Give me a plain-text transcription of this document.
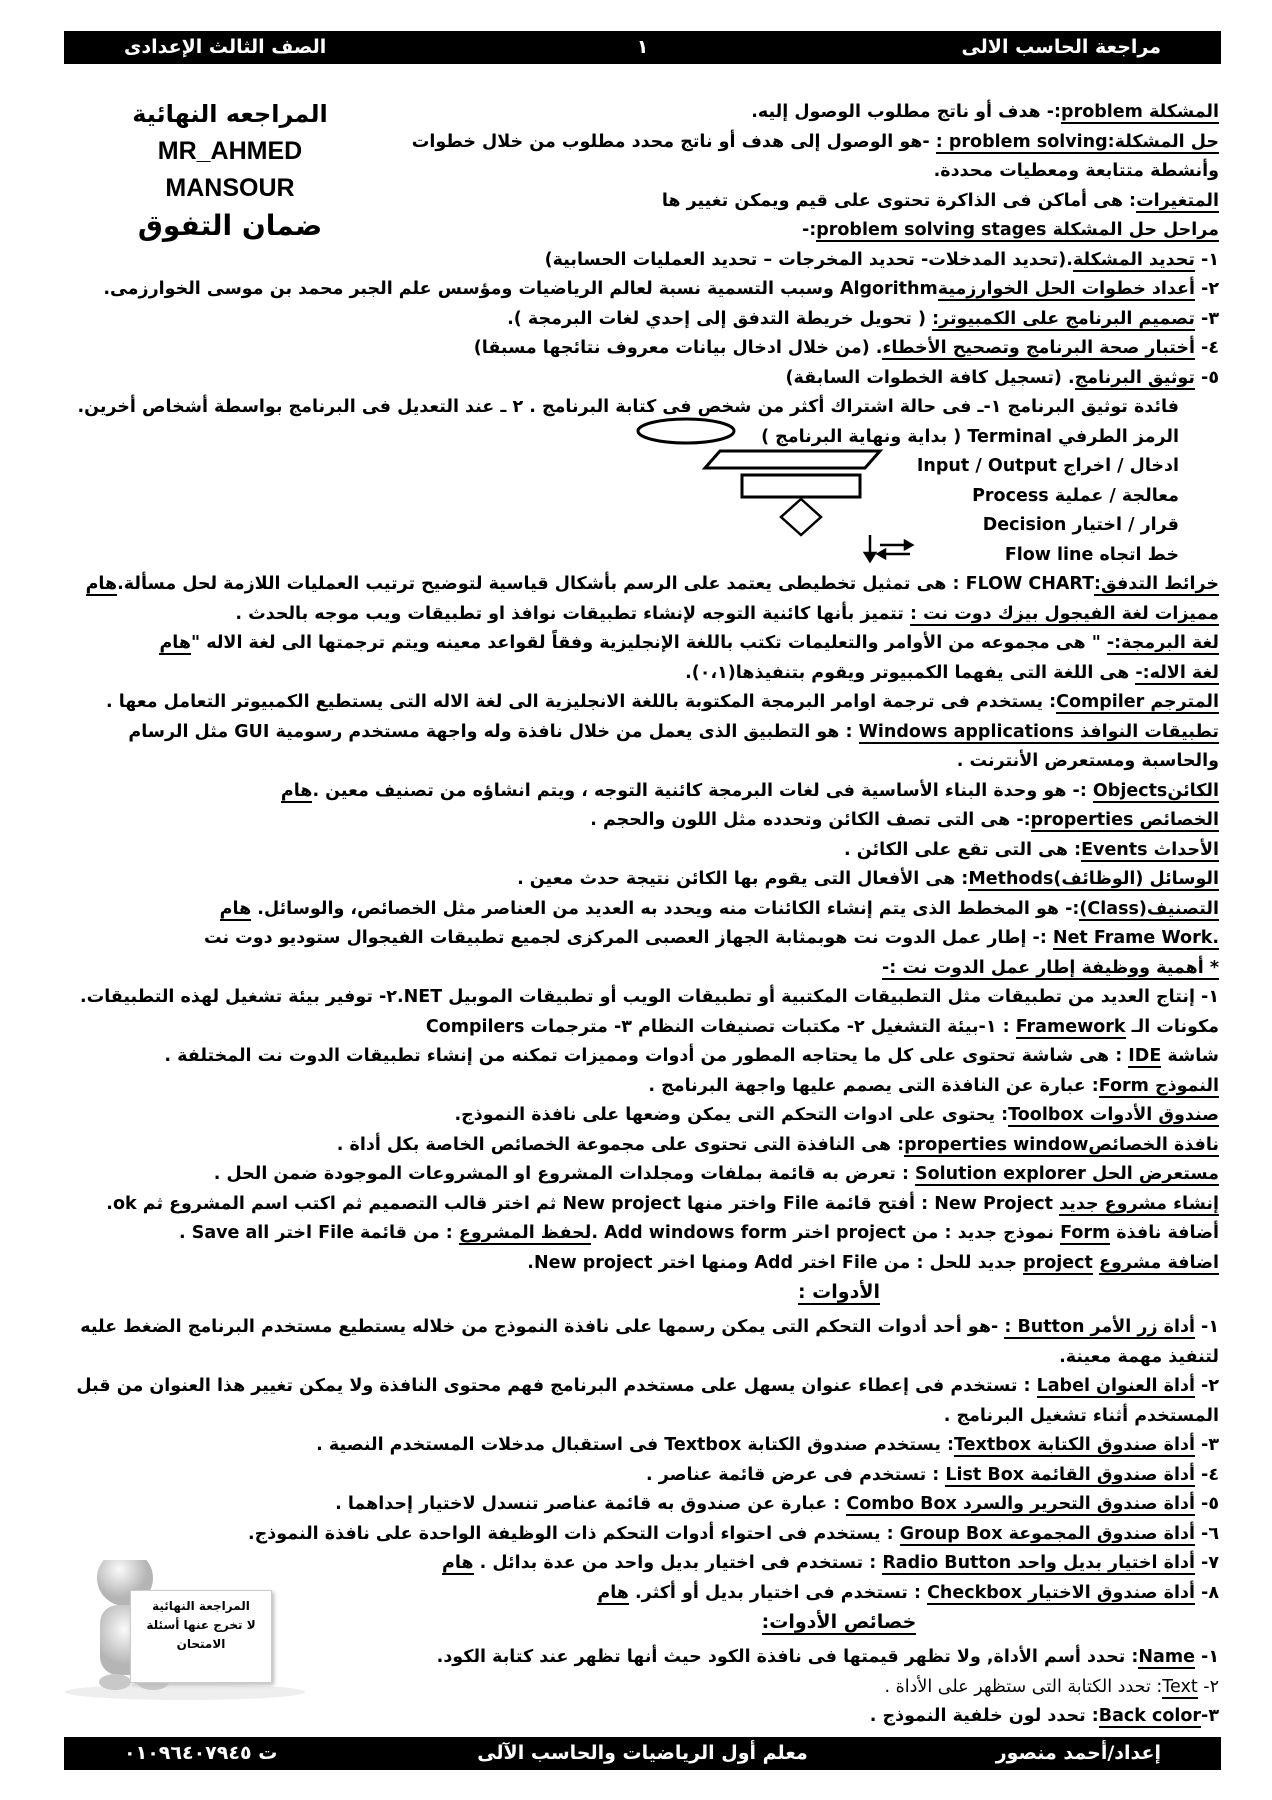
مراجعة الحاسب الالى
١
الصف الثالث الإعدادى
المراجعه النهائية
MR_AHMED
MANSOUR
ضمان التفوق
المشكلة problem:- هدف أو ناتج مطلوب الوصول إليه.
حل المشكلة:problem solving : -هو الوصول إلى هدف أو ناتج محدد مطلوب من خلال خطوات
وأنشطة متتابعة ومعطيات محددة.
المتغيرات: هى أماكن فى الذاكرة تحتوى على قيم ويمكن تغيير ها
مراحل حل المشكلة problem solving stages:-
١- تحديد المشكلة.(تحديد المدخلات- تحديد المخرجات – تحديد العمليات الحسابية)
٢- أعداد خطوات الحل الخوارزميةAlgorithm وسبب التسمية نسبة لعالم الرياضيات ومؤسس علم الجبر محمد بن موسى الخوارزمى.
٣- تصميم البرنامج على الكمبيوتر: ( تحويل خريطة التدفق إلى إحدي لغات البرمجة ).
٤- أختبار صحة البرنامج وتصحيح الأخطاء. (من خلال ادخال بيانات معروف نتائجها مسبقا)
٥- توثيق البرنامج. (تسجيل كافة الخطوات السابقة)
فائدة توثيق البرنامج ١-ـ فى حالة اشتراك أكثر من شخص فى كتابة البرنامج . ٢ ـ عند التعديل فى البرنامج بواسطة أشخاص أخرين.
الرمز الطرفي Terminal ( بداية ونهاية البرنامج )
ادخال / اخراج Input / Output
معالجة / عملية Process
قرار / اختيار Decision
خط اتجاه Flow line
خرائط التدفق:FLOW CHART : هى تمثيل تخطيطى يعتمد على الرسم بأشكال قياسية لتوضيح ترتيب العمليات اللازمة لحل مسألة.هام
مميزات لغة الفيجول بيزك دوت نت : تتميز بأنها كائنية التوجه لإنشاء تطبيقات نوافذ او تطبيقات ويب موجه بالحدث .
لغة البرمجة:- " هى مجموعه من الأوامر والتعليمات تكتب باللغة الإنجليزية وفقاً لقواعد معينه ويتم ترجمتها الى لغة الاله "هام
لغة الاله:- هى اللغة التى يفهما الكمبيوتر ويقوم بتنفيذها(٠،١).
المترجم Compiler: يستخدم فى ترجمة اوامر البرمجة المكتوبة باللغة الانجليزية الى لغة الاله التى يستطيع الكمبيوتر التعامل معها .
تطبيقات النوافذ Windows applications : هو التطبيق الذى يعمل من خلال نافذة وله واجهة مستخدم رسومية GUI مثل الرسام
والحاسبة ومستعرض الأنترنت .
الكائنObjects :- هو وحدة البناء الأساسية فى لغات البرمجة كائنية التوجه ، ويتم انشاؤه من تصنيف معين .هام
الخصائص properties:- هى التى تصف الكائن وتحدده مثل اللون والحجم .
الأحداث Events: هى التى تقع على الكائن .
الوسائل (الوظائف)Methods: هى الأفعال التى يقوم بها الكائن نتيجة حدث معين .
التصنيف(Class):- هو المخطط الذى يتم إنشاء الكائنات منه ويحدد به العديد من العناصر مثل الخصائص، والوسائل. هام
.Net Frame Work :- إطار عمل الدوت نت هوبمثابة الجهاز العصبى المركزى لجميع تطبيقات الفيجوال ستوديو دوت نت
* أهمية ووظيفة إطار عمل الدوت نت :-
١- إنتاج العديد من تطبيقات مثل التطبيقات المكتبية أو تطبيقات الويب أو تطبيقات الموبيل NET.٢- توفير بيئة تشغيل لهذه التطبيقات.
مكونات الـ Framework : ١-بيئة التشغيل ٢- مكتبات تصنيفات النظام ٣- مترجمات Compilers
شاشة IDE : هى شاشة تحتوى على كل ما يحتاجه المطور من أدوات ومميزات تمكنه من إنشاء تطبيقات الدوت نت المختلفة .
النموذج Form: عبارة عن النافذة التى يصمم عليها واجهة البرنامج .
صندوق الأدوات Toolbox: يحتوى على ادوات التحكم التى يمكن وضعها على نافذة النموذج.
نافذة الخصائصproperties window: هى النافذة التى تحتوى على مجموعة الخصائص الخاصة بكل أداة .
مستعرض الحل Solution explorer : تعرض به قائمة بملفات ومجلدات المشروع او المشروعات الموجودة ضمن الحل .
إنشاء مشروع جديد New Project : أفتح قائمة File واختر منها New project ثم اختر قالب التصميم ثم اكتب اسم المشروع ثم ok.
أضافة نافذة Form نموذج جديد : من project اختر Add windows form .لحفظ المشروع : من قائمة File اختر Save all .
اضافة مشروع project جديد للحل : من File اختر Add ومنها اختر New project.
الأدوات :
١- أداة زر الأمر Button : -هو أحد أدوات التحكم التى يمكن رسمها على نافذة النموذج من خلاله يستطيع مستخدم البرنامج الضغط عليه
لتنفيذ مهمة معينة.
٢- أداة العنوان Label : تستخدم فى إعطاء عنوان يسهل على مستخدم البرنامج فهم محتوى النافذة ولا يمكن تغيير هذا العنوان من قبل
المستخدم أثناء تشغيل البرنامج .
٣- أداة صندوق الكتابة Textbox: يستخدم صندوق الكتابة Textbox فى استقبال مدخلات المستخدم النصية .
٤- أداة صندوق القائمة List Box : تستخدم فى عرض قائمة عناصر .
٥- أداة صندوق التحرير والسرد Combo Box : عبارة عن صندوق به قائمة عناصر تنسدل لاختيار إحداهما .
٦- أداة صندوق المجموعة Group Box : يستخدم فى احتواء أدوات التحكم ذات الوظيفة الواحدة على نافذة النموذج.
٧- أداة اختيار بديل واحد Radio Button : تستخدم فى اختيار بديل واحد من عدة بدائل . هام
٨- أداة صندوق الاختيار Checkbox : تستخدم فى اختيار بديل أو أكثر. هام
خصائص الأدوات:
١- Name: تحدد أسم الأداة, ولا تظهر قيمتها فى نافذة الكود حيث أنها تظهر عند كتابة الكود.
٢- Text: تحدد الكتابة التى ستظهر على الأداة .
٣-Back color: تحدد لون خلفية النموذج .
المراجعة النهائية
لا تخرج عنها أسئلة
الامتحان
إعداد/أحمد منصور
معلم أول الرياضيات والحاسب الآلى
ت ٠١٠٩٦٤٠٧٩٤٥
